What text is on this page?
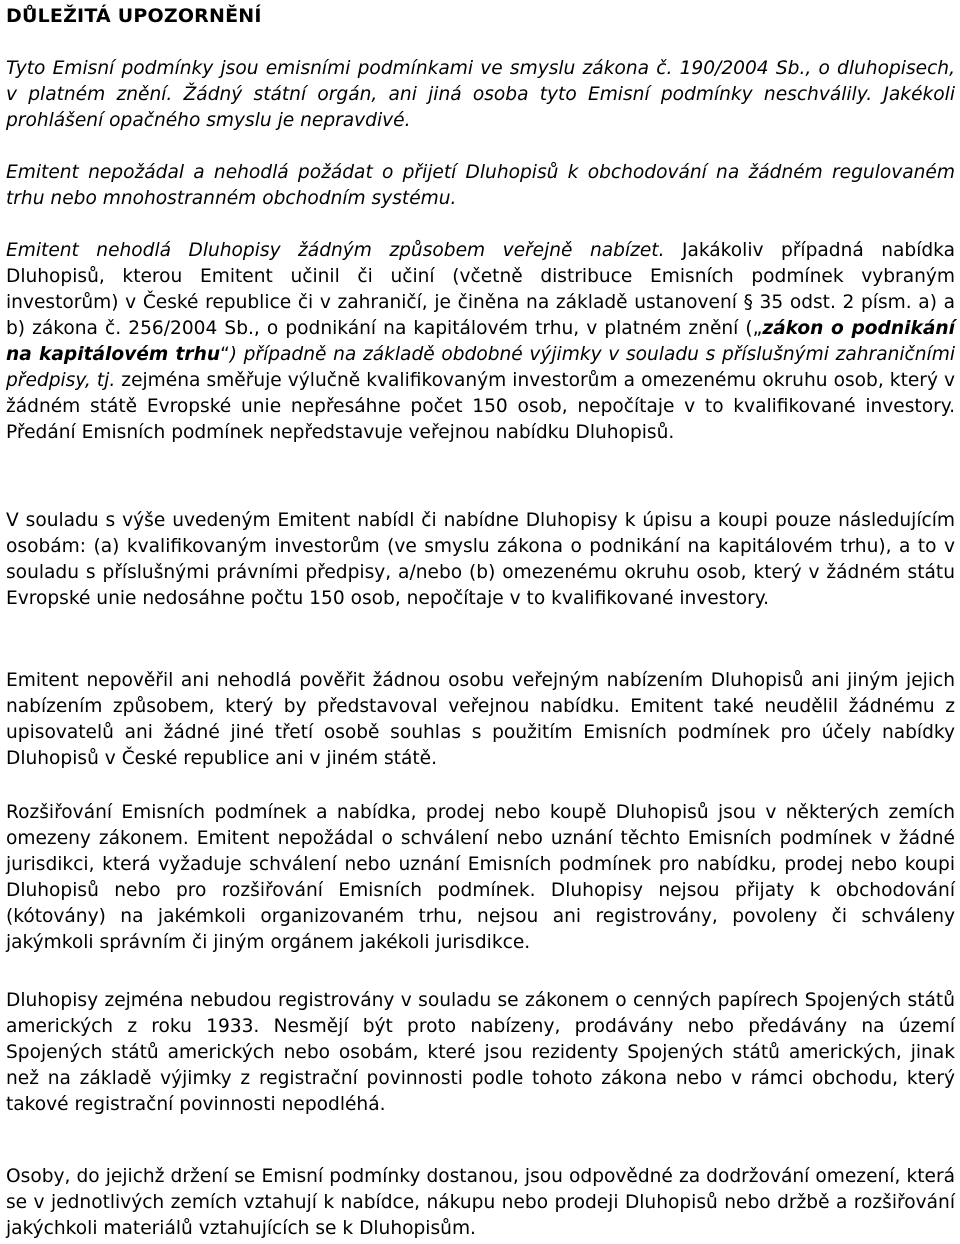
DŮLEŽITÁ UPOZORNĚNÍ

Tyto Emisní podmínky jsou emisními podmínkami ve smyslu zákona č. 190/2004 Sb., o dluhopisech, v platném znění. Žádný státní orgán, ani jiná osoba tyto Emisní podmínky neschválily. Jakékoli prohlášení opačného smyslu je nepravdivé.

Emitent nepožádal a nehodlá požádat o přijetí Dluhopisů k obchodování na žádném regulovaném trhu nebo mnohostranném obchodním systému.

Emitent nehodlá Dluhopisy žádným způsobem veřejně nabízet. Jakákoliv případná nabídka Dluhopisů, kterou Emitent učinil či učiní (včetně distribuce Emisních podmínek vybraným investorům) v České republice či v zahraničí, je činěna na základě ustanovení § 35 odst. 2 písm. a) a b) zákona č. 256/2004 Sb., o podnikání na kapitálovém trhu, v platném znění („zákon o podnikání na kapitálovém trhu“) případně na základě obdobné výjimky v souladu s příslušnými zahraničními předpisy, tj. zejména směřuje výlučně kvalifikovaným investorům a omezenému okruhu osob, který v žádném státě Evropské unie nepřesáhne počet 150 osob, nepočítaje v to kvalifikované investory. Předání Emisních podmínek nepředstavuje veřejnou nabídku Dluhopisů.

V souladu s výše uvedeným Emitent nabídl či nabídne Dluhopisy k úpisu a koupi pouze následujícím osobám: (a) kvalifikovaným investorům (ve smyslu zákona o podnikání na kapitálovém trhu), a to v souladu s příslušnými právními předpisy, a/nebo (b) omezenému okruhu osob, který v žádném státu Evropské unie nedosáhne počtu 150 osob, nepočítaje v to kvalifikované investory.

Emitent nepověřil ani nehodlá pověřit žádnou osobu veřejným nabízením Dluhopisů ani jiným jejich nabízením způsobem, který by představoval veřejnou nabídku. Emitent také neudělil žádnému z upisovatelů ani žádné jiné třetí osobě souhlas s použitím Emisních podmínek pro účely nabídky Dluhopisů v České republice ani v jiném státě.

Rozšiřování Emisních podmínek a nabídka, prodej nebo koupě Dluhopisů jsou v některých zemích omezeny zákonem. Emitent nepožádal o schválení nebo uznání těchto Emisních podmínek v žádné jurisdikci, která vyžaduje schválení nebo uznání Emisních podmínek pro nabídku, prodej nebo koupi Dluhopisů nebo pro rozšiřování Emisních podmínek. Dluhopisy nejsou přijaty k obchodování (kótovány) na jakémkoli organizovaném trhu, nejsou ani registrovány, povoleny či schváleny jakýmkoli správním či jiným orgánem jakékoli jurisdikce.

Dluhopisy zejména nebudou registrovány v souladu se zákonem o cenných papírech Spojených států amerických z roku 1933. Nesmějí být proto nabízeny, prodávány nebo předávány na území Spojených států amerických nebo osobám, které jsou rezidenty Spojených států amerických, jinak než na základě výjimky z registrační povinnosti podle tohoto zákona nebo v rámci obchodu, který takové registrační povinnosti nepodléhá.

Osoby, do jejichž držení se Emisní podmínky dostanou, jsou odpovědné za dodržování omezení, která se v jednotlivých zemích vztahují k nabídce, nákupu nebo prodeji Dluhopisů nebo držbě a rozšiřování jakýchkoli materiálů vztahujících se k Dluhopisům.
